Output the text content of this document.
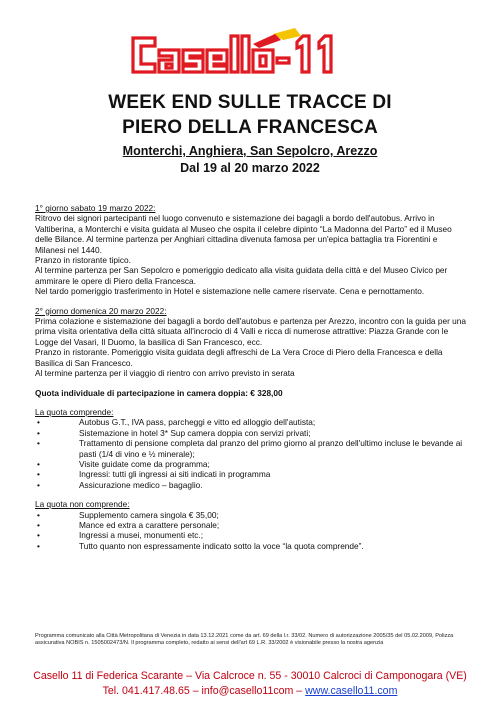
WEEK END SULLE TRACCE DI
PIERO DELLA FRANCESCA
Monterchi, Anghiera, San Sepolcro, Arezzo
Dal 19 al 20 marzo 2022

1° giorno sabato 19 marzo 2022:

Ritrovo dei signori partecipanti nel luogo convenuto e sistemazione dei bagagli a bordo dell'autobus. Arrivo in Valtiberina, a Monterchi e visita guidata al Museo che ospita il celebre dipinto “La Madonna del Parto” ed il Museo delle Bilance. Al termine partenza per Anghiari cittadina divenuta famosa per un'epica battaglia tra Fiorentini e Milanesi nel 1440.

Pranzo in ristorante tipico.

Al termine partenza per San Sepolcro e pomeriggio dedicato alla visita guidata della città e del Museo Civico per ammirare le opere di Piero della Francesca.

Nel tardo pomeriggio trasferimento in Hotel e sistemazione nelle camere riservate. Cena e pernottamento.

2° giorno domenica 20 marzo 2022:

Prima colazione e sistemazione dei bagagli a bordo dell'autobus e partenza per Arezzo, incontro con la guida per una prima visita orientativa della città situata all'incrocio di 4 Valli e ricca di numerose attrattive: Piazza Grande con le Logge del Vasari, Il Duomo, la basilica di San Francesco, ecc.

Pranzo in ristorante. Pomeriggio visita guidata degli affreschi de La Vera Croce di Piero della Francesca e della Basilica di San Francesco.

Al termine partenza per il viaggio di rientro con arrivo previsto in serata

Quota individuale di partecipazione in camera doppia: € 328,00

La quota comprende:

•	Autobus G.T., IVA pass, parcheggi e vitto ed alloggio dell'autista;
•	Sistemazione in hotel 3* Sup camera doppia con servizi privati;
•	Trattamento di pensione completa dal pranzo del primo giorno al pranzo dell'ultimo incluse le bevande ai pasti (1/4 di vino e ½ minerale);
•	Visite guidate come da programma;
•	Ingressi: tutti gli ingressi ai siti indicati in programma
•	Assicurazione medico – bagaglio.

La quota non comprende:

•	Supplemento camera singola € 35,00;
•	Mance ed extra a carattere personale;
•	Ingressi a musei, monumenti etc.;
•	Tutto quanto non espressamente indicato sotto la voce “la quota comprende”.
Programma comunicato alla Città Metropolitana di Venezia in data 13.12.2021 come da art. 69 della l.r. 33/02. Numero di autorizzazione 2005/35 del 05.02.2009, Polizza assicurativa NOBIS n. 1505002473/N. Il programma completo, redatto ai sensi dell'art 69 L.R. 33/2002 è visionabile presso la nostra agenzia
Casello 11 di Federica Scarante – Via Calcroce n. 55 - 30010 Calcroci di Camponogara (VE)
Tel. 041.417.48.65 – info@casello11com – www.casello11.com
